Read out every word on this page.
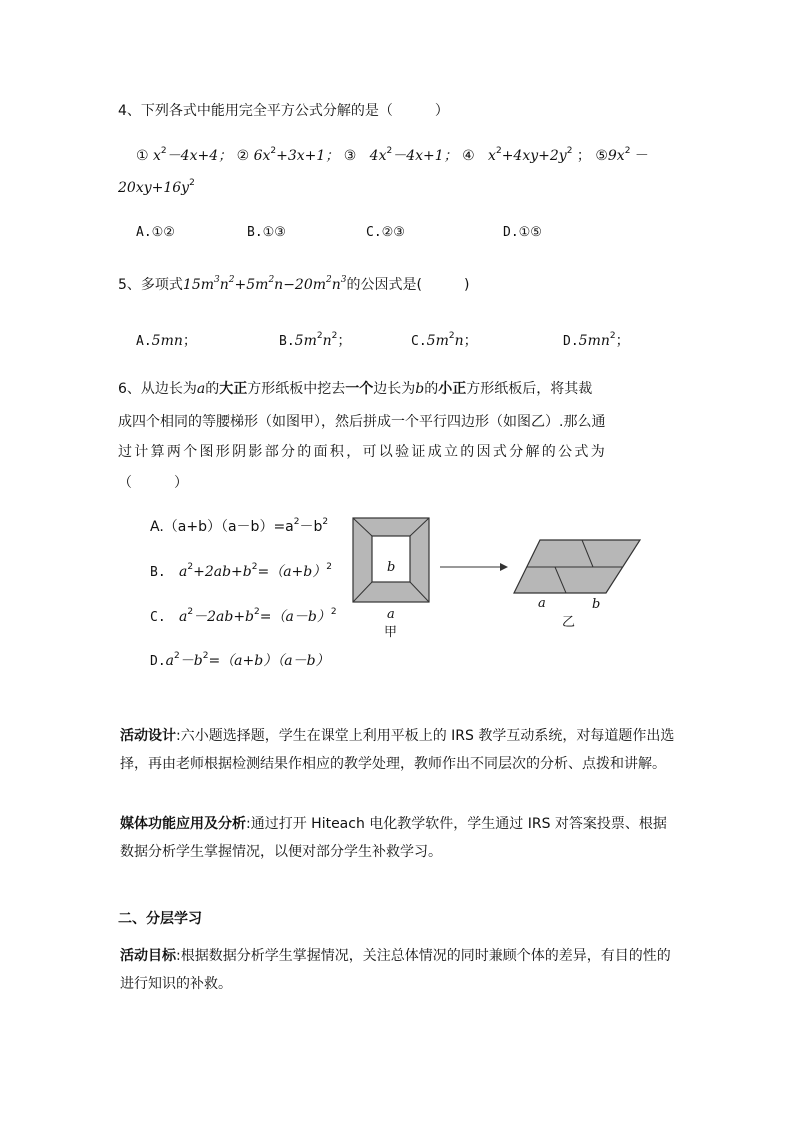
4、下列各式中能用完全平方公式分解的是（　　　）
① $x^2-4x+4$； ② $6x^2+3x+1$； ③ $4x^2-4x+1$； ④ $x^2+4xy+2y^2$ ； $⑤9x^2$ －
$20xy+16y^2$
A.①②	B.①③	C.②③	D.①⑤
5、多项式$15m^3n^2+5m^2n-20m^2n^3$的公因式是(　　　)
A.5mn；	$B.5m^2n^2$；	$C.5m^2n$；	$D.5mn^2$；
6、从边长为a的大正方形纸板中挖去一个边长为b的小正方形纸板后，将其裁
成四个相同的等腰梯形（如图甲），然后拼成一个平行四边形（如图乙）.那么通
过计算两个图形阴影部分的面积，可以验证成立的因式分解的公式为
（　　　）
$A.(a+b)(a-b)=a^2-b^2$
B. $a^2+2ab+b^2=(a+b)^2$
C. $a^2-2ab+b^2=(a-b)^2$
$D.a^2-b^2=(a+b)(a-b)$
b
a
甲
a	b
乙
活动设计:六小题选择题，学生在课堂上利用平板上的 IRS 教学互动系统，对每道题作出选择，再由老师根据检测结果作相应的教学处理，教师作出不同层次的分析、点拨和讲解。
媒体功能应用及分析:通过打开 Hiteach 电化教学软件，学生通过 IRS 对答案投票、根据数据分析学生掌握情况，以便对部分学生补救学习。
二、分层学习
活动目标:根据数据分析学生掌握情况，关注总体情况的同时兼顾个体的差异，有目的性的进行知识的补救。
